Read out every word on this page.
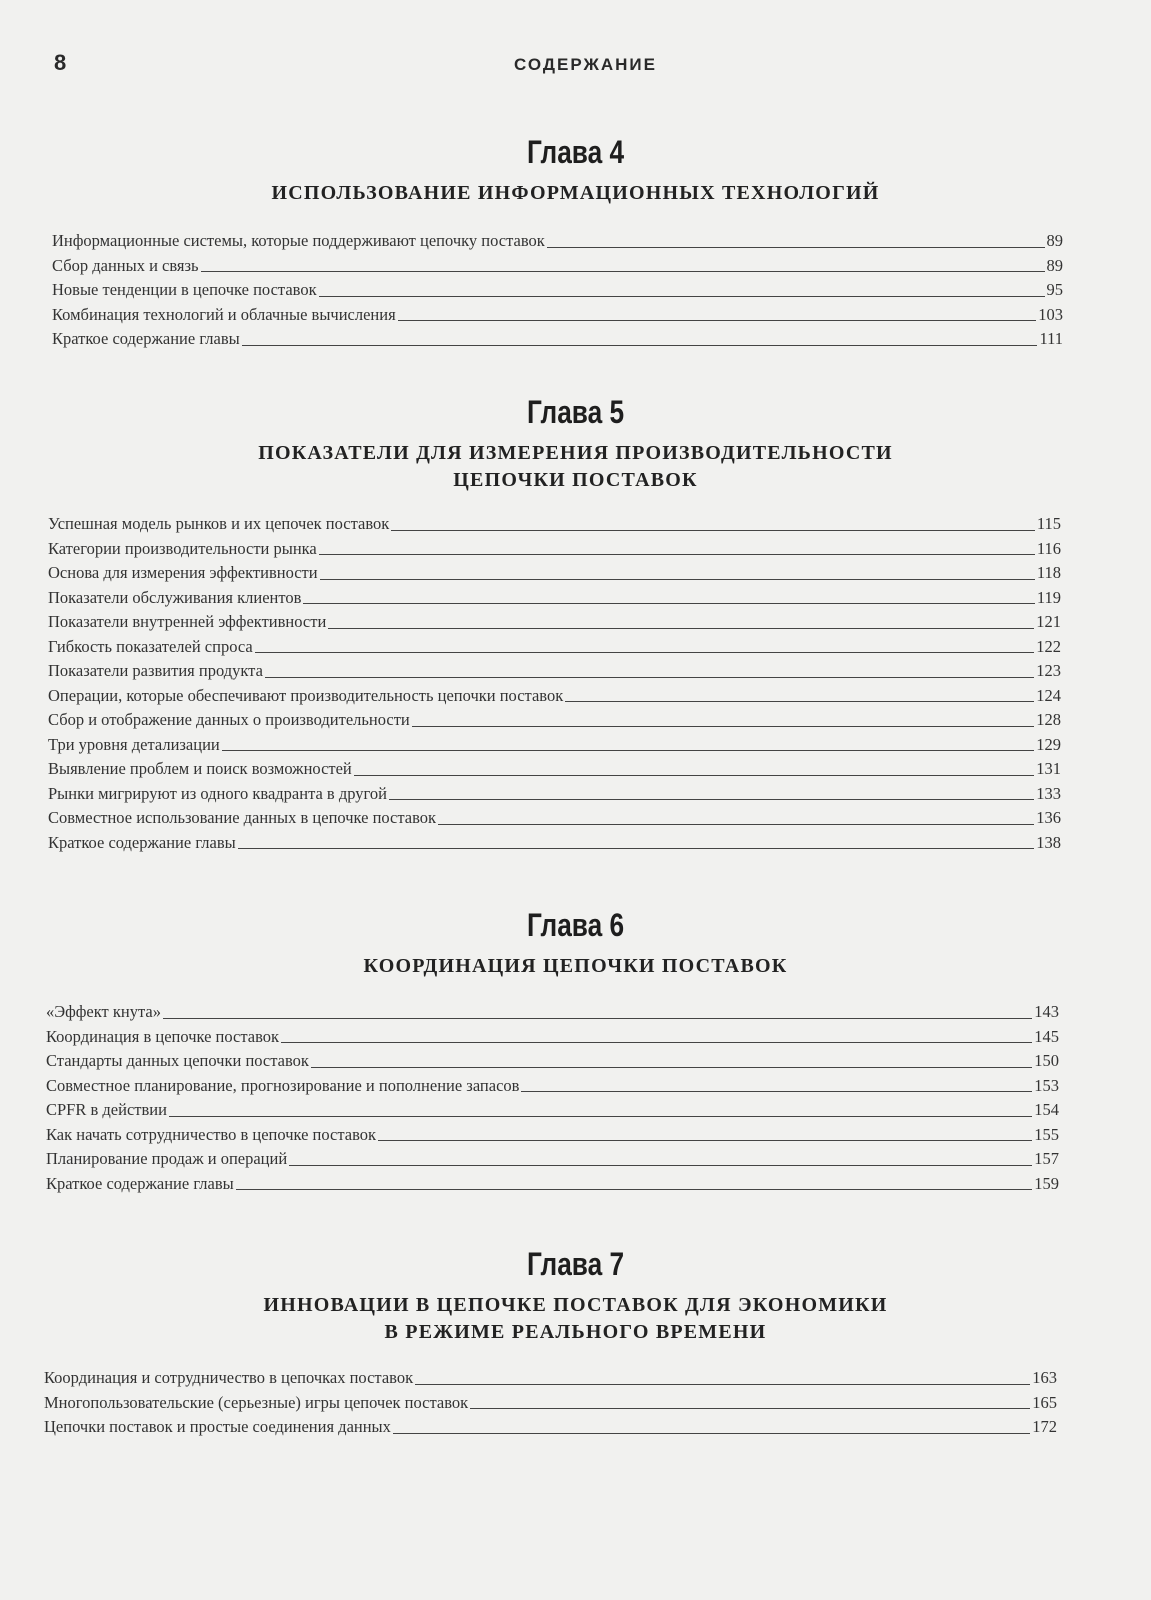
8	СОДЕРЖАНИЕ
Глава 4
ИСПОЛЬЗОВАНИЕ ИНФОРМАЦИОННЫХ ТЕХНОЛОГИЙ
Информационные системы, которые поддерживают цепочку поставок	89
Сбор данных и связь	89
Новые тенденции в цепочке поставок	95
Комбинация технологий и облачные вычисления	103
Краткое содержание главы	111
Глава 5
ПОКАЗАТЕЛИ ДЛЯ ИЗМЕРЕНИЯ ПРОИЗВОДИТЕЛЬНОСТИ
ЦЕПОЧКИ ПОСТАВОК
Успешная модель рынков и их цепочек поставок	115
Категории производительности рынка	116
Основа для измерения эффективности	118
Показатели обслуживания клиентов	119
Показатели внутренней эффективности	121
Гибкость показателей спроса	122
Показатели развития продукта	123
Операции, которые обеспечивают производительность цепочки поставок	124
Сбор и отображение данных о производительности	128
Три уровня детализации	129
Выявление проблем и поиск возможностей	131
Рынки мигрируют из одного квадранта в другой	133
Совместное использование данных в цепочке поставок	136
Краткое содержание главы	138
Глава 6
КООРДИНАЦИЯ ЦЕПОЧКИ ПОСТАВОК
«Эффект кнута»	143
Координация в цепочке поставок	145
Стандарты данных цепочки поставок	150
Совместное планирование, прогнозирование и пополнение запасов	153
CPFR в действии	154
Как начать сотрудничество в цепочке поставок	155
Планирование продаж и операций	157
Краткое содержание главы	159
Глава 7
ИННОВАЦИИ В ЦЕПОЧКЕ ПОСТАВОК ДЛЯ ЭКОНОМИКИ
В РЕЖИМЕ РЕАЛЬНОГО ВРЕМЕНИ
Координация и сотрудничество в цепочках поставок	163
Многопользовательские (серьезные) игры цепочек поставок	165
Цепочки поставок и простые соединения данных	172
